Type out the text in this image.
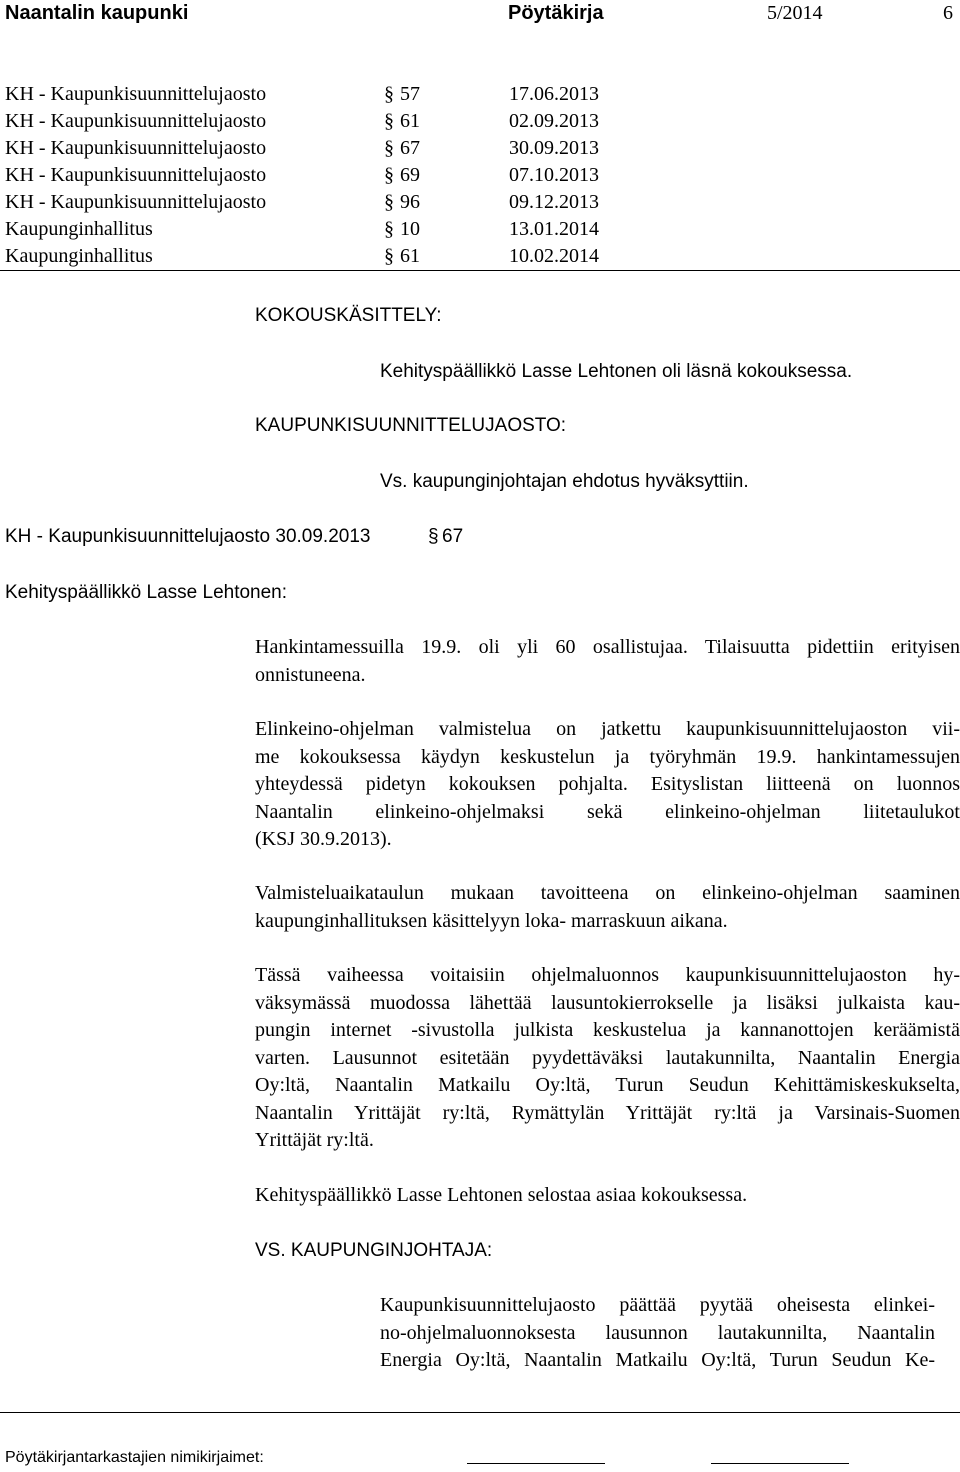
Naantalin kaupunki	Pöytäkirja	5/2014	6
KH - Kaupunkisuunnittelujaosto	§ 57	17.06.2013
KH - Kaupunkisuunnittelujaosto	§ 61	02.09.2013
KH - Kaupunkisuunnittelujaosto	§ 67	30.09.2013
KH - Kaupunkisuunnittelujaosto	§ 69	07.10.2013
KH - Kaupunkisuunnittelujaosto	§ 96	09.12.2013
Kaupunginhallitus	§ 10	13.01.2014
Kaupunginhallitus	§ 61	10.02.2014
KOKOUSKÄSITTELY:
Kehityspäällikkö Lasse Lehtonen oli läsnä kokouksessa.
KAUPUNKISUUNNITTELUJAOSTO:
Vs. kaupunginjohtajan ehdotus hyväksyttiin.
KH - Kaupunkisuunnittelujaosto 30.09.2013	§ 67
Kehityspäällikkö Lasse Lehtonen:
Hankintamessuilla 19.9. oli yli 60 osallistujaa. Tilaisuutta pidettiin erityisen
onnistuneena.
Elinkeino-ohjelman valmistelua on jatkettu kaupunkisuunnittelujaoston vii-
me kokouksessa käydyn keskustelun ja työryhmän 19.9. hankintamessujen
yhteydessä pidetyn kokouksen pohjalta. Esityslistan liitteenä on luonnos
Naantalin elinkeino-ohjelmaksi sekä elinkeino-ohjelman liitetaulukot
(KSJ 30.9.2013).
Valmisteluaikataulun mukaan tavoitteena on elinkeino-ohjelman saaminen
kaupunginhallituksen käsittelyyn loka- marraskuun aikana.
Tässä vaiheessa voitaisiin ohjelmaluonnos kaupunkisuunnittelujaoston hy-
väksymässä muodossa lähettää lausuntokierrokselle ja lisäksi julkaista kau-
pungin internet -sivustolla julkista keskustelua ja kannanottojen keräämistä
varten. Lausunnot esitetään pyydettäväksi lautakunnilta, Naantalin Energia
Oy:ltä, Naantalin Matkailu Oy:ltä, Turun Seudun Kehittämiskeskukselta,
Naantalin Yrittäjät ry:ltä, Rymättylän Yrittäjät ry:ltä ja Varsinais-Suomen
Yrittäjät ry:ltä.
Kehityspäällikkö Lasse Lehtonen selostaa asiaa kokouksessa.
VS. KAUPUNGINJOHTAJA:
Kaupunkisuunnittelujaosto päättää pyytää oheisesta elinkei-
no-ohjelmaluonnoksesta lausunnon lautakunnilta, Naantalin
Energia Oy:ltä, Naantalin Matkailu Oy:ltä, Turun Seudun Ke-
Pöytäkirjantarkastajien nimikirjaimet:
